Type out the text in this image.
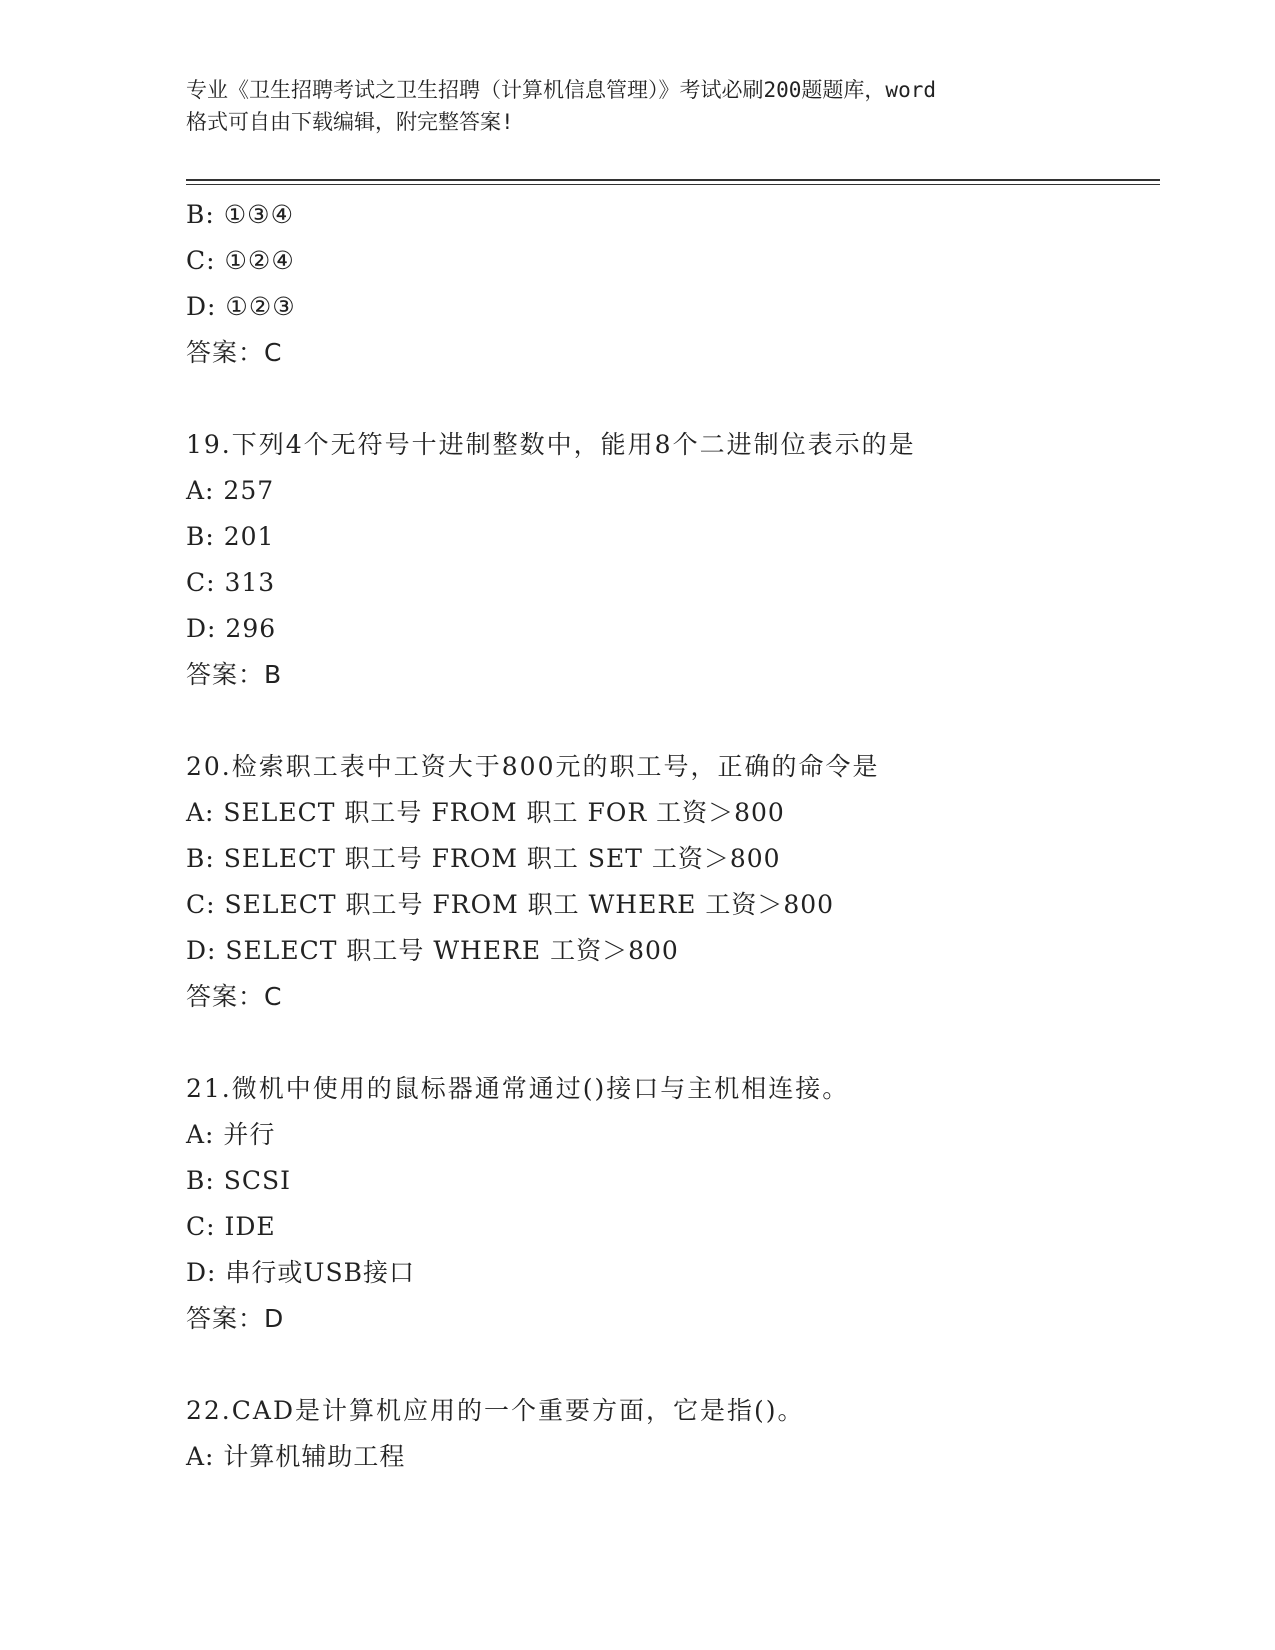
专业《卫生招聘考试之卫生招聘（计算机信息管理）》考试必刷200题题库，word
格式可自由下载编辑，附完整答案!
B: ①③④
C: ①②④
D: ①②③
答案：C
19.下列4个无符号十进制整数中，能用8个二进制位表示的是
A: 257
B: 201
C: 313
D: 296
答案：B
20.检索职工表中工资大于800元的职工号，正确的命令是
A: SELECT 职工号 FROM 职工 FOR 工资＞800
B: SELECT 职工号 FROM 职工 SET 工资＞800
C: SELECT 职工号 FROM 职工 WHERE 工资＞800
D: SELECT 职工号 WHERE 工资＞800
答案：C
21.微机中使用的鼠标器通常通过()接口与主机相连接。
A: 并行
B: SCSI
C: IDE
D: 串行或USB接口
答案：D
22.CAD是计算机应用的一个重要方面，它是指()。
A: 计算机辅助工程
